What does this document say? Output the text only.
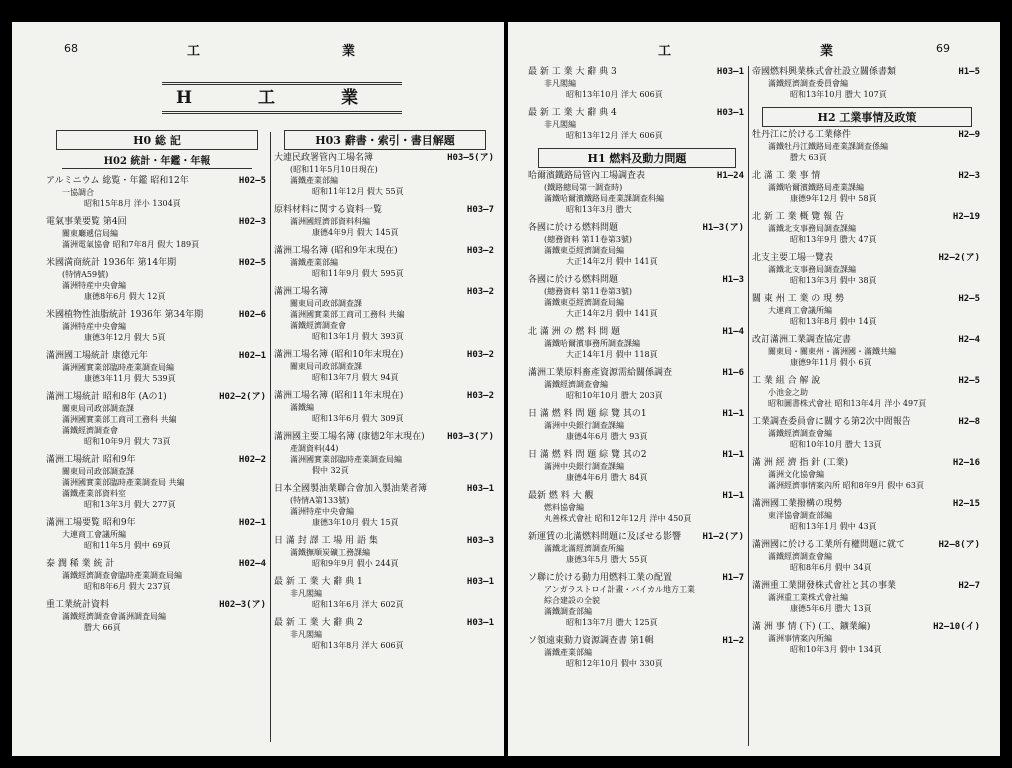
68	工	業
H 工 業
H0 総 記
H02 統計・年鑑・年報
アルミニウム 総覧・年鑑 昭和12年	H02—5
一協調合
昭和15年8月 洋小 1304頁
電氣事業要覧 第4回	H02—3
關東廳遞信局編
滿洲電氣協會 昭和7年8月 假大 189頁
米國満商統計 1936年 第14年期	H02—5
(特情A59號)
滿洲特産中央會編
康德8年6月 假大 12頁
米國植物性油脂統計 1936年 第34年期	H02—6
滿洲特産中央會編
康德3年12月 假大 5頁
滿洲國工場統計 康德元年	H02—1
滿洲國實業部臨時產業調查局編
康德3年11月 假大 539頁
滿洲工場統計 昭和8年 (Aの1)	H02—2(ア)
關東局司政部調查課
滿洲國實業部工商司工務科 共編
滿鐵經濟調查會
昭和10年9月 假大 73頁
滿洲工場統計 昭和9年	H02—2
關東局司政部調查課
滿洲國實業部臨時產業調查局 共編
滿鐵產業部資料室
昭和13年3月 假大 277頁
滿洲工場要覧 昭和9年	H02—1
大連商工會議所編
昭和11年5月 假中 69頁
泰 潤 稀 業 統 計	H02—4
滿鐵經濟調查會臨時產業調查局編
昭和8年6月 假大 237頁
重工業統計資料	H02—3(ア)
滿鐵經濟調查會滿洲調査局編
謄大 66頁
H03 辭書・索引・書目解題
大連民政署管內工場名簿	H03—5(ア)
(昭和11年5月10日現在)
滿鐵產業部編
昭和11年12月 假大 55頁
原料材料に関する資料一覧	H03—7
滿洲國經濟部資料科編
康德4年9月 假大 145頁
滿洲工場名簿 (昭和9年末現在)	H03—2
滿鐵產業部編
昭和11年9月 假大 595頁
滿洲工場名簿	H03—2
關東局司政部調查課
滿洲國實業部工商司工務科 共編
滿鐵經濟調查會
昭和13年1月 假大 393頁
滿洲工場名簿 (昭和10年末現在)	H03—2
關東局司政部調查課
昭和13年7月 假大 94頁
滿洲工場名簿 (昭和11年末現在)	H03—2
滿鐵編
昭和13年6月 假大 309頁
滿洲國主要工場名簿 (康德2年末現在)	H03—3(ア)
產調資料(44)
滿洲國實業部臨時產業調查局編
假中 32頁
日本全國製油業聯合會加入製油業者簿	H03—1
(特情A第133號)
滿洲特産中央會編
康德3年10月 假大 15頁
日 滿 封 譯 工 場 用 語 集	H03—3
滿鐵撫順炭礦工務課編
昭和9年9月 假小 244頁
最 新 工 業 大 辭 典 1	H03—1
非凡閣編
昭和13年6月 洋大 602頁
最 新 工 業 大 辭 典 2	H03—1
非凡閣編
昭和13年8月 洋大 606頁
工	業	69
最 新 工 業 大 辭 典 3	H03—1
非凡閣編
昭和13年10月 洋大 606頁
最 新 工 業 大 辭 典 4	H03—1
非凡閣編
昭和13年12月 洋大 606頁
H1 燃料及動力問題
哈爾濱鐵路局管內工場調査表	H1—24
(鐵路總局第一調查時)
滿鐵哈爾濱鐵路局產業課調查科編
昭和13年3月 謄大
各國に於ける燃料問題	H1—3(ア)
(總務資料 第11卷第3號)
滿鐵東亞經濟調查局編
大正14年2月 假中 141頁
各國に於ける燃料問題	H1—3
(總務資料 第11卷第3號)
滿鐵東亞經濟調查局編
大正14年2月 假中 141頁
北 滿 洲 の 燃 料 問 題	H1—4
滿鐵哈爾濱事務所調查課編
大正14年1月 假中 118頁
滿洲工業原料畜產資源需給關係調查	H1—6
滿鐵經濟調查會編
昭和10年10月 謄大 203頁
日 滿 燃 料 問 題 綜 覽 其の1	H1—1
滿洲中央銀行調查課編
康德4年6月 謄大 93頁
日 滿 燃 料 問 題 綜 覽 其の2	H1—1
滿洲中央銀行調查課編
康德4年6月 謄大 84頁
最新 燃 料 大 觀	H1—1
燃料協會編
丸善株式會社 昭和12年12月 洋中 450頁
新運賃の北滿燃料問題に及ぼせる影響	H1—2(ア)
滿鐵北滿經濟調查所編
康德3年5月 謄大 55頁
ソ聯に於ける動力用燃料工業の配置	H1—7
アンガラストロイ計畫・バイカル地方工業
綜合建設の全貌
滿鐵調查部編
昭和13年7月 謄大 125頁
ソ領遠東動力資源調查書 第1輯	H1—2
滿鐵產業部編
昭和12年10月 假中 330頁
帝國燃料興業株式會社設立關係書類	H1—5
滿鐵經濟調查委員會編
昭和13年10月 謄大 107頁
H2 工業事情及政策
牡丹江に於ける工業條件	H2—9
滿鐵牡丹江鐵路局產業課調查係編
謄大 63頁
北 滿 工 業 事 情	H2—3
滿鐵哈爾濱鐵路局產業課編
康德9年12月 假中 58頁
北 新 工 業 概 覽 報 告	H2—19
滿鐵北支事務局調查課編
昭和13年9月 謄大 47頁
北支主要工場一覽表	H2—2(ア)
滿鐵北支事務局調查課編
昭和13年3月 假中 38頁
關 東 州 工 業 の 現 勢	H2—5
大連商工會議所編
昭和13年8月 假中 14頁
改訂滿洲工業調查協定書	H2—4
關東局・關東州・滿洲國・滿鐵共編
康德9年11月 假小 6頁
工 業 組 合 解 說	H2—5
小池金之助
昭和圖書株式會社 昭和13年4月 洋小 497頁
工業調查委員會に關する第2次中間報告	H2—8
滿鐵經濟調查會編
昭和10年10月 謄大 13頁
滿 洲 經 濟 指 針 (工業)	H2—16
滿洲文化協會編
滿洲經濟事情案內所 昭和8年9月 假中 63頁
滿洲國工業撥構の現勢	H2—15
東洋協會調查部編
昭和13年1月 假中 43頁
滿洲國に於ける工業所有權問題に就て	H2—8(ア)
滿鐵經濟調查會編
昭和8年6月 假中 34頁
滿洲重工業開發株式會社と其の事業	H2—7
滿洲重工業株式會社編
康德5年6月 謄大 13頁
滿 洲 事 情 (下) (工、鑛業編)	H2—10(イ)
滿洲事情案內所編
昭和10年3月 假中 134頁
